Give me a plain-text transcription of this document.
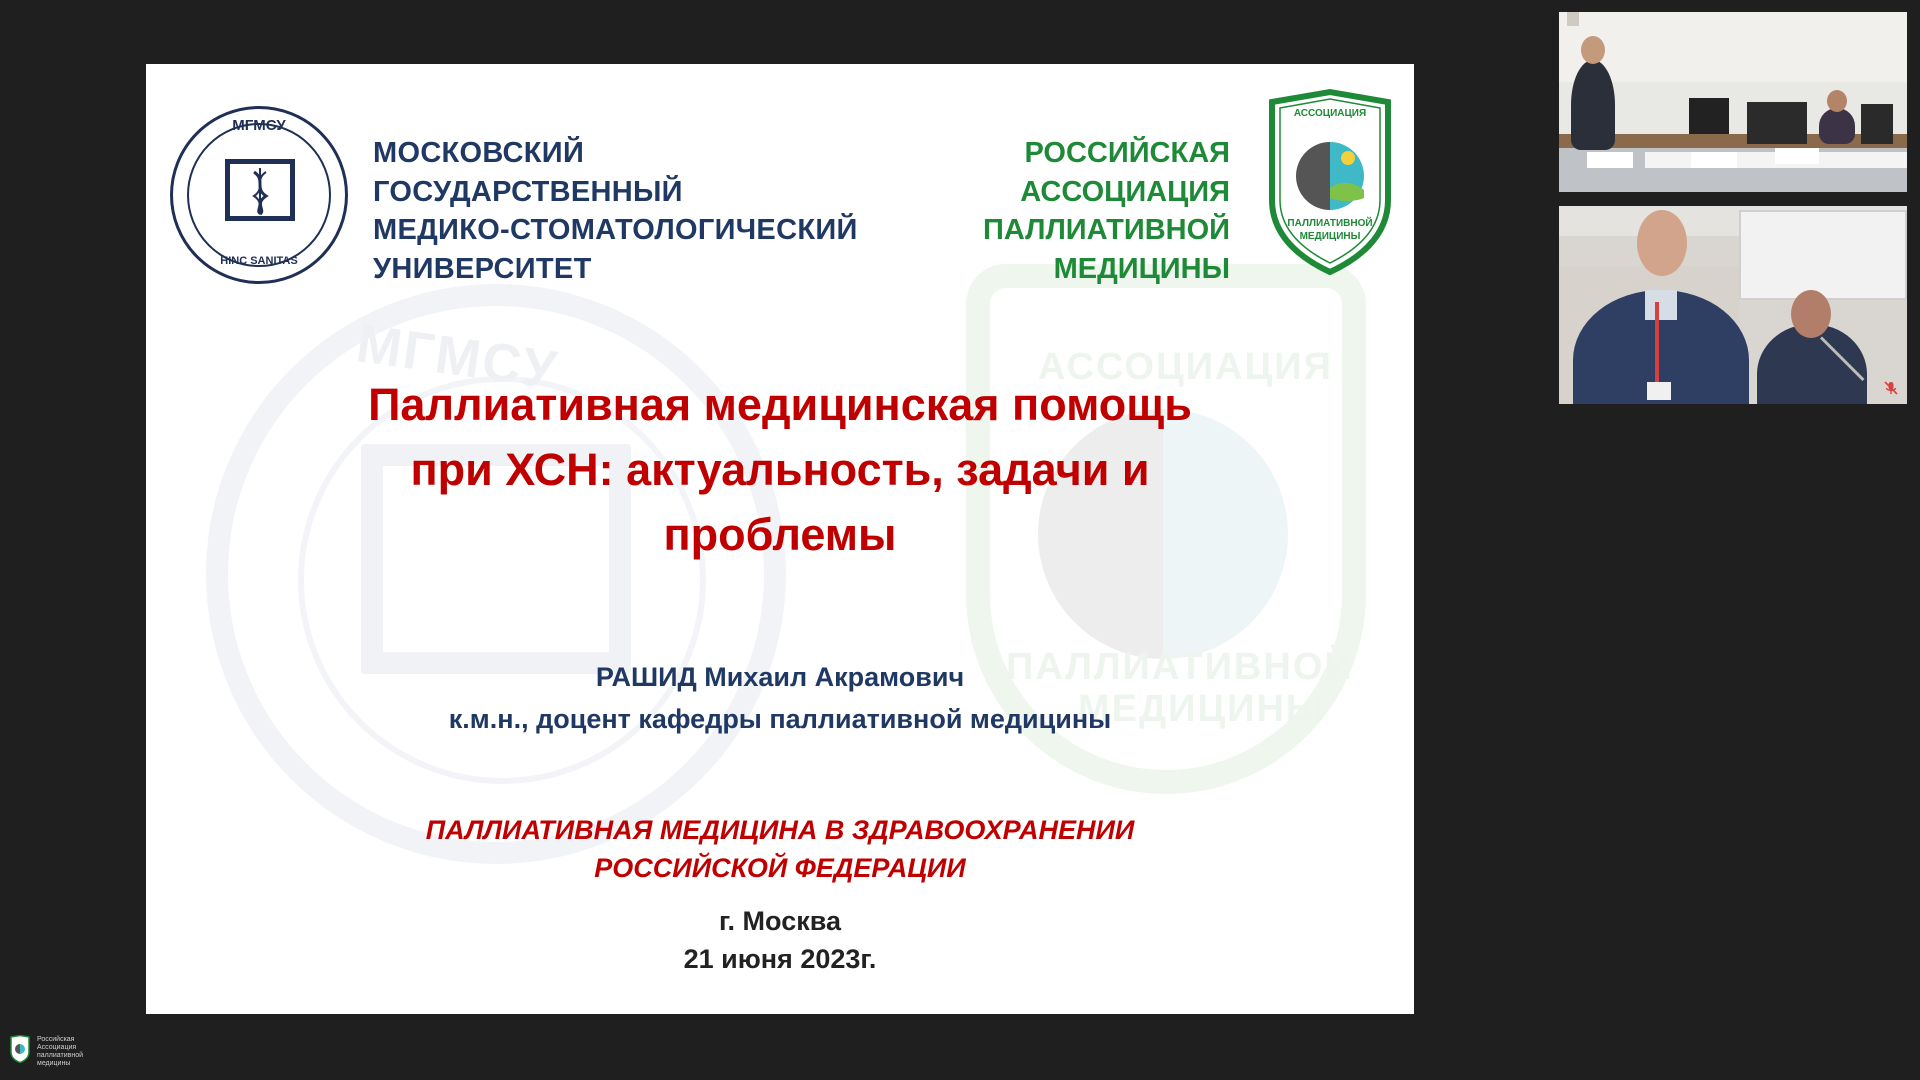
МГМСУ	АССОЦИАЦИЯ
ПАЛЛИАТИВНОЙ
МЕДИЦИНЫ
МГМСУ
HINC SANITAS
МОСКОВСКИЙ
ГОСУДАРСТВЕННЫЙ
МЕДИКО-СТОМАТОЛОГИЧЕСКИЙ
УНИВЕРСИТЕТ
РОССИЙСКАЯ
АССОЦИАЦИЯ
ПАЛЛИАТИВНОЙ
МЕДИЦИНЫ
АССОЦИАЦИЯ
ПАЛЛИАТИВНОЙ
МЕДИЦИНЫ
Паллиативная медицинская помощь
при ХСН: актуальность, задачи и
проблемы
РАШИД Михаил Акрамович
к.м.н., доцент кафедры паллиативной медицины
ПАЛЛИАТИВНАЯ МЕДИЦИНА В ЗДРАВООХРАНЕНИИ
РОССИЙСКОЙ ФЕДЕРАЦИИ
г. Москва
21 июня 2023г.
Российская
Ассоциация
паллиативной
медицины
